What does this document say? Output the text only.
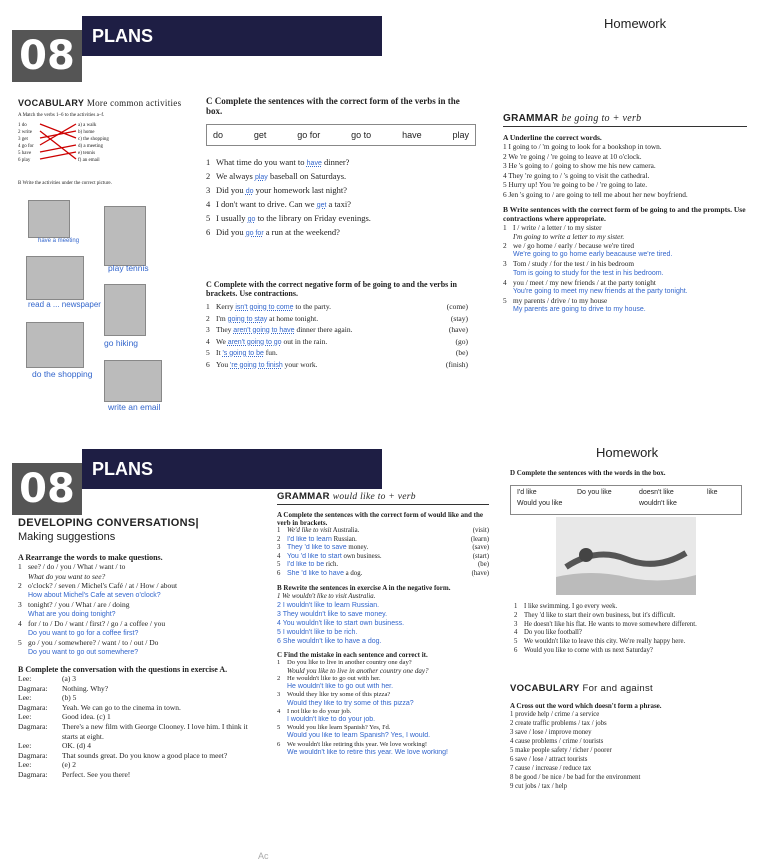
08 PLANS
Homework
VOCABULARY More common activities
A Match the verbs 1–6 to the activities a–f.
1 do	a) a walk
2 write	b) home
3 get	c) the shopping
4 go for	d) a meeting
5 have	e) tennis
6 play	f) an email
B Write the activities under the correct picture.
have a meeting
play tennis
read a ... newspaper
go hiking
do the shopping
write an email
C Complete the sentences with the correct form of the verbs in the box.
do	get	go for	go to	have	play
1 What time do you want to have dinner?
2 We always play baseball on Saturdays.
3 Did you do your homework last night?
4 I don't want to drive. Can we get a taxi?
5 I usually go to the library on Friday evenings.
6 Did you go for a run at the weekend?
C Complete with the correct negative form of be going to and the verbs in brackets. Use contractions.
1 Kerry isn't going to come to the party.	(come)
2 I'm going to stay at home tonight.	(stay)
3 They aren't going to have dinner there again.	(have)
4 We aren't going to go out in the rain.	(go)
5 It 's going to be fun.	(be)
6 You 're going to finish your work.	(finish)
GRAMMAR be going to + verb
A Underline the correct words.
1 I going to / 'm going to look for a bookshop in town.
2 We 're going / 're going to leave at 10 o'clock.
3 He 's going to / going to show me his new camera.
4 They 're going to / 's going to visit the cathedral.
5 Hurry up! You 're going to be / 're going to late.
6 Jen 's going to / are going to tell me about her new boyfriend.
B Write sentences with the correct form of be going to and the prompts. Use contractions where appropriate.
1 I / write / a letter / to my sister
I'm going to write a letter to my sister.
2 we / go home / early / because we're tired
We're going to go home early beacause we're tired.
3 Tom / study / for the test / in his bedroom
Tom is going to study for the test in his bedroom.
4 you / meet / my new friends / at the party tonight
You're going to meet my new friends at the party tonight.
5 my parents / drive / to my house
My parents are going to drive to my house.
08 PLANS
Homework
DEVELOPING CONVERSATIONS|
Making suggestions
A Rearrange the words to make questions.
1 see? / do / you / What / want / to
What do you want to see?
2 o'clock? / seven / Michel's Café / at / How / about
How about Michel's Cafe at seven o'clock?
3 tonight? / you / What / are / doing
What are you doing tonight?
4 for / to / Do / want / first? / go / a coffee / you
Do you want to go for a coffee first?
5 go / you / somewhere? / want / to / out / Do
Do you want to go out somewhere?
B Complete the conversation with the questions in exercise A.
Lee:	(a) 3
Dagmara:	Nothing. Why?
Lee:	(b) 5
Dagmara:	Yeah. We can go to the cinema in town.
Lee:	Good idea. (c) 1
Dagmara:	There's a new film with George Clooney. I love him. I think it starts at eight.
Lee:	OK. (d) 4
Dagmara:	That sounds great. Do you know a good place to meet?
Lee:	(e) 2
Dagmara:	Perfect. See you there!
GRAMMAR would like to + verb
A Complete the sentences with the correct form of would like and the verb in brackets.
1 We'd like to visit Australia.	(visit)
2 I'd like to learn Russian.	(learn)
3 They 'd like to save money.	(save)
4 You 'd like to start own business.	(start)
5 I'd like to be rich.	(be)
6 She 'd like to have a dog.	(have)
B Rewrite the sentences in exercise A in the negative form.
1 We wouldn't like to visit Australia.
2 I wouldn't like to learn Russian.
3 They wouldn't like to save money.
4 You wouldn't like to start own business.
5 I wouldn't like to be rich.
6 She wouldn't like to have a dog.
C Find the mistake in each sentence and correct it.
1 Do you like to live in another country one day?
Would you like to live in another country one day?
2 He wouldn't like to go out with her.
He wouldn't like to go out with her.
3 Would they like try some of this pizza?
Would they like to try some of this pizza?
4 I not like to do your job.
I wouldn't like to do your job.
5 Would you like learn Spanish? Yes, I'd.
Would you like to learn Spanish? Yes, I would.
6 We wouldn't like retiring this year. We love working!
We wouldn't like to retire this year. We love working!
Ac
D Complete the sentences with the words in the box.
I'd like	Do you like	doesn't like	like
Would you like	wouldn't like
1 I like swimming. I go every week.
2 They 'd like to start their own business, but it's difficult.
3 He doesn't like his flat. He wants to move somewhere different.
4 Do you like football?
5 We wouldn't like to leave this city. We're really happy here.
6 Would you like to come with us next Saturday?
VOCABULARY For and against
A Cross out the word which doesn't form a phrase.
1 provide help / crime / a service
2 create traffic problems / tax / jobs
3 save / lose / improve money
4 cause problems / crime / tourists
5 make people safety / richer / poorer
6 save / lose / attract tourists
7 cause / increase / reduce tax
8 be good / be nice / be bad for the environment
9 cut jobs / tax / help
